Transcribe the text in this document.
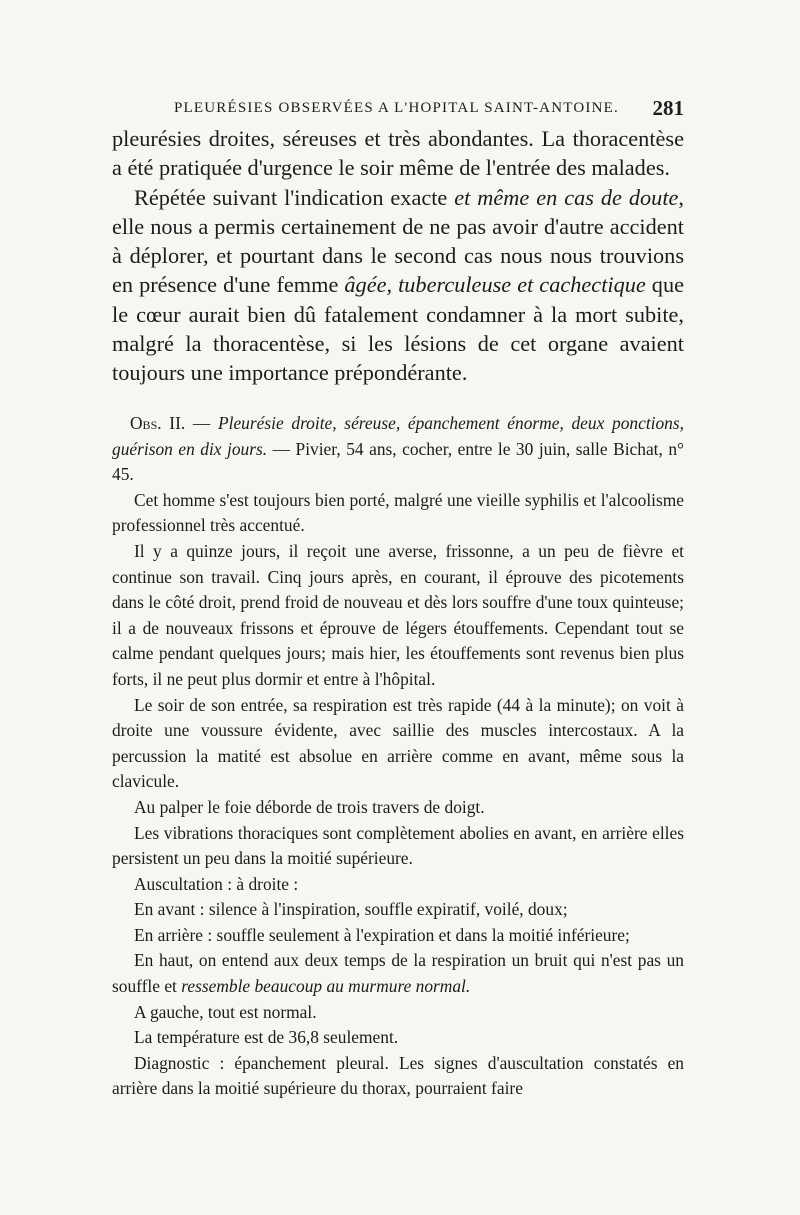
PLEURÉSIES OBSERVÉES A L'HOPITAL SAINT-ANTOINE. 281

pleurésies droites, séreuses et très abondantes. La thoracentèse a été pratiquée d'urgence le soir même de l'entrée des malades.

Répétée suivant l'indication exacte et même en cas de doute, elle nous a permis certainement de ne pas avoir d'autre accident à déplorer, et pourtant dans le second cas nous nous trouvions en présence d'une femme âgée, tuberculeuse et cachectique que le cœur aurait bien dû fatalement condamner à la mort subite, malgré la thoracentèse, si les lésions de cet organe avaient toujours une importance prépondérante.

Obs. II. — Pleurésie droite, séreuse, épanchement énorme, deux ponctions, guérison en dix jours. — Pivier, 54 ans, cocher, entre le 30 juin, salle Bichat, n° 45.

Cet homme s'est toujours bien porté, malgré une vieille syphilis et l'alcoolisme professionnel très accentué.

Il y a quinze jours, il reçoit une averse, frissonne, a un peu de fièvre et continue son travail. Cinq jours après, en courant, il éprouve des picotements dans le côté droit, prend froid de nouveau et dès lors souffre d'une toux quinteuse; il a de nouveaux frissons et éprouve de légers étouffements. Cependant tout se calme pendant quelques jours; mais hier, les étouffements sont revenus bien plus forts, il ne peut plus dormir et entre à l'hôpital.

Le soir de son entrée, sa respiration est très rapide (44 à la minute); on voit à droite une voussure évidente, avec saillie des muscles intercostaux. A la percussion la matité est absolue en arrière comme en avant, même sous la clavicule.

Au palper le foie déborde de trois travers de doigt.

Les vibrations thoraciques sont complètement abolies en avant, en arrière elles persistent un peu dans la moitié supérieure.

Auscultation : à droite :

En avant : silence à l'inspiration, souffle expiratif, voilé, doux;

En arrière : souffle seulement à l'expiration et dans la moitié inférieure;

En haut, on entend aux deux temps de la respiration un bruit qui n'est pas un souffle et ressemble beaucoup au murmure normal.

A gauche, tout est normal.

La température est de 36,8 seulement.

Diagnostic : épanchement pleural. Les signes d'auscultation constatés en arrière dans la moitié supérieure du thorax, pourraient faire
